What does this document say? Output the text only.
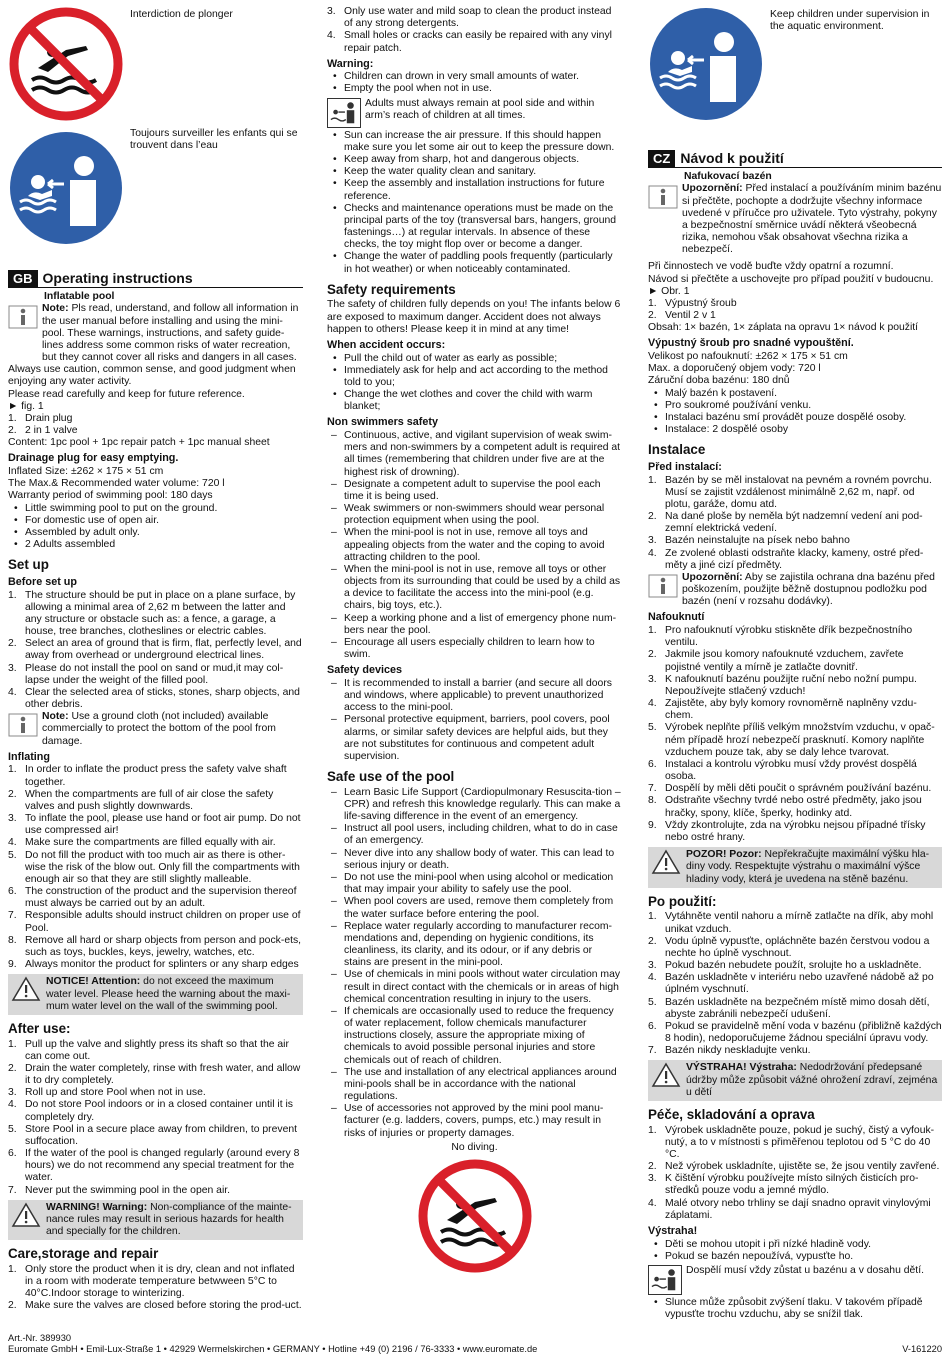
Interdiction de plonger

Toujours surveiller les enfants qui se trouvent dans l’eau

GB Operating instructions

Inflatable pool

Note: Pls read, understand, and follow all information in the user manual before installing and using the mini-pool. These warnings, instructions, and safety guide-lines address some common risks of water recreation, but they cannot cover all risks and dangers in all cases.

Always use caution, common sense, and good judgment when enjoying any water activity.

Please read carefully and keep for future reference.

► fig. 1

1. Drain plug
2. 2 in 1 valve

Content: 1pc pool + 1pc repair patch + 1pc manual sheet

Drainage plug for easy emptying.

Inflated Size: ±262 × 175 × 51 cm

The Max.& Recommended water volume: 720 l

Warranty period of swimming pool: 180 days

• Little swimming pool to put on the ground.
• For domestic use of open air.
• Assembled by adult only.
• 2 Adults assembled

Set up

Before set up

1. The structure should be put in place on a plane surface, by allowing a minimal area of 2,62 m between the latter and any structure or obstacle such as: a fence, a garage, a house, tree branches, clotheslines or electric cables.
2. Select an area of ground that is firm, flat, perfectly level, and away from overhead or underground electrical lines.
3. Please do not install the pool on sand or mud,it may col-lapse under the weight of the filled pool.
4. Clear the selected area of sticks, stones, sharp objects, and other debris.

Note: Use a ground cloth (not included) available commercially to protect the bottom of the pool from damage.

Inflating

1. In order to inflate the product press the safety valve shaft together.
2. When the compartments are full of air close the safety valves and push slightly downwards.
3. To inflate the pool, please use hand or foot air pump. Do not use compressed air!
4. Make sure the compartments are filled equally with air.
5. Do not fill the product with too much air as there is other-wise the risk of the blow out. Only fill the compartments with enough air so that they are still slightly malleable.
6. The construction of the product and the supervision thereof must always be carried out by an adult.
7. Responsible adults should instruct children on proper use of Pool.
8. Remove all hard or sharp objects from person and pock-ets, such as toys, buckles, keys, jewelry, watches, etc.
9. Always monitor the product for splinters or any sharp edges

NOTICE! Attention: do not exceed the maximum water level. Please heed the warning about the maxi-mum water level on the wall of the swimming pool.

After use:

1. Pull up the valve and slightly press its shaft so that the air can come out.
2. Drain the water completely, rinse with fresh water, and allow it to dry completely.
3. Roll up and store Pool when not in use.
4. Do not store Pool indoors or in a closed container until it is completely dry.
5. Store Pool in a secure place away from children, to prevent suffocation.
6. If the water of the pool is changed regularly (around every 8 hours) we do not recommend any special treatment for the water.
7. Never put the swimming pool in the open air.

WARNING! Warning: Non-compliance of the mainte-nance rules may result in serious hazards for health and specially for the children.

Care,storage and repair

1. Only store the product when it is dry, clean and not inflated in a room with moderate temperature betwween 5°C to 40°C.Indoor storage to winterizing.
2. Make sure the valves are closed before storing the prod-uct.
3. Only use water and mild soap to clean the product instead of any strong detergents.
4. Small holes or cracks can easily be repaired with any vinyl repair patch.

Warning:

• Children can drown in very small amounts of water.
• Empty the pool when not in use.

Adults must always remain at pool side and within arm’s reach of children at all times.

• Sun can increase the air pressure. If this should happen make sure you let some air out to keep the pressure down.
• Keep away from sharp, hot and dangerous objects.
• Keep the water quality clean and sanitary.
• Keep the assembly and installation instructions for future reference.
• Checks and maintenance operations must be made on the principal parts of the toy (transversal bars, hangers, ground fastenings…) at regular intervals. In absence of these checks, the toy might flop over or become a danger.
• Change the water of paddling pools frequently (particularly in hot weather) or when noticeably contaminated.

Safety requirements

The safety of children fully depends on you! The infants below 6 are exposed to maximum danger. Accident does not always happen to others! Please keep it in mind at any time!

When accident occurs:

• Pull the child out of water as early as possible;
• Immediately ask for help and act according to the method told to you;
• Change the wet clothes and cover the child with warm blanket;

Non swimmers safety

– Continuous, active, and vigilant supervision of weak swim-mers and non-swimmers by a competent adult is required at all times (remembering that children under five are at the highest risk of drowning).
– Designate a competent adult to supervise the pool each time it is being used.
– Weak swimmers or non-swimmers should wear personal protection equipment when using the pool.
– When the mini-pool is not in use, remove all toys and appealing objects from the water and the coping to avoid attracting children to the pool.
– When the mini-pool is not in use, remove all toys or other objects from its surrounding that could be used by a child as a device to facilitate the access into the mini-pool (e.g. chairs, big toys, etc.).
– Keep a working phone and a list of emergency phone num-bers near the pool.
– Encourage all users especially children to learn how to swim.

Safety devices

– It is recommended to install a barrier (and secure all doors and windows, where applicable) to prevent unauthorized access to the mini-pool.
– Personal protective equipment, barriers, pool covers, pool alarms, or similar safety devices are helpful aids, but they are not substitutes for continuous and competent adult supervision.

Safe use of the pool

– Learn Basic Life Support (Cardiopulmonary Resuscita-tion – CPR) and refresh this knowledge regularly. This can make a life-saving difference in the event of an emergency.
– Instruct all pool users, including children, what to do in case of an emergency.
– Never dive into any shallow body of water. This can lead to serious injury or death.
– Do not use the mini-pool when using alcohol or medication that may impair your ability to safely use the pool.
– When pool covers are used, remove them completely from the water surface before entering the pool.
– Replace water regularly according to manufacturer recom-mendations and, depending on hygienic conditions, its cleanliness, its clarity, and its odour, or if any debris or stains are present in the mini-pool.
– Use of chemicals in mini pools without water circulation may result in direct contact with the chemicals or in areas of high chemical concentration resulting in injury to the users.
– If chemicals are occasionally used to reduce the frequency of water replacement, follow chemicals manufacturer instructions closely, assure the appropriate mixing of chemicals to avoid possible personal injuries and store chemicals out of reach of children.
– The use and installation of any electrical appliances around mini-pools shall be in accordance with the national regulations.
– Use of accessories not approved by the mini pool manu-facturer (e.g. ladders, covers, pumps, etc.) may result in risks of injuries or property damages.

No diving.

Keep children under supervision in the aquatic environment.

CZ Návod k použití

Nafukovací bazén

Upozornění: Před instalací a používáním minim bazénu si přečtěte, pochopte a dodržujte všechny informace uvedené v příručce pro uživatele. Tyto výstrahy, pokyny a bezpečnostní směrnice uvádí některá všeobecná rizika, nemohou však obsahovat všechna rizika a nebezpečí.

Při činnostech ve vodě buďte vždy opatrní a rozumní.

Návod si přečtěte a uschovejte pro případ použití v budoucnu.

► Obr. 1

1. Výpustný šroub
2. Ventil 2 v 1

Obsah: 1× bazén, 1× záplata na opravu 1× návod k použití

Výpustný šroub pro snadné vypouštění.

Velikost po nafouknutí: ±262 × 175 × 51 cm

Max. a doporučený objem vody: 720 l

Záruční doba bazénu: 180 dnů

• Malý bazén k postavení.
• Pro soukromé používání venku.
• Instalaci bazénu smí provádět pouze dospělé osoby.
• Instalace: 2 dospělé osoby

Instalace

Před instalací:

1. Bazén by se měl instalovat na pevném a rovném povrchu. Musí se zajistit vzdálenost minimálně 2,62 m, např. od plotu, garáže, domu atd.
2. Na dané ploše by neměla být nadzemní vedení ani pod-zemní elektrická vedení.
3. Bazén neinstalujte na písek nebo bahno
4. Ze zvolené oblasti odstraňte klacky, kameny, ostré před-měty a jiné cizí předměty.

Upozornění: Aby se zajistila ochrana dna bazénu před poškozením, použijte běžně dostupnou podložku pod bazén (není v rozsahu dodávky).

Nafouknutí

1. Pro nafouknutí výrobku stiskněte dřík bezpečnostního ventilu.
2. Jakmile jsou komory nafouknuté vzduchem, zavřete pojistné ventily a mírně je zatlačte dovnitř.
3. K nafouknutí bazénu použijte ruční nebo nožní pumpu. Nepoužívejte stlačený vzduch!
4. Zajistěte, aby byly komory rovnoměrně naplněny vzdu-chem.
5. Výrobek neplňte příliš velkým množstvím vzduchu, v opač-ném případě hrozí nebezpečí prasknutí. Komory naplňte vzduchem pouze tak, aby se daly lehce tvarovat.
6. Instalaci a kontrolu výrobku musí vždy provést dospělá osoba.
7. Dospělí by měli děti poučit o správném používání bazénu.
8. Odstraňte všechny tvrdé nebo ostré předměty, jako jsou hračky, spony, klíče, šperky, hodinky atd.
9. Vždy zkontrolujte, zda na výrobku nejsou případné třísky nebo ostré hrany.

POZOR! Pozor: Nepřekračujte maximální výšku hla-diny vody. Respektujte výstrahu o maximální výšce hladiny vody, která je uvedena na stěně bazénu.

Po použití:

1. Vytáhněte ventil nahoru a mírně zatlačte na dřík, aby mohl unikat vzduch.
2. Vodu úplně vypusťte, opláchněte bazén čerstvou vodou a nechte ho úplně vyschnout.
3. Pokud bazén nebudete použít, srolujte ho a uskladněte.
4. Bazén uskladněte v interiéru nebo uzavřené nádobě až po úplném vyschnutí.
5. Bazén uskladněte na bezpečném místě mimo dosah dětí, abyste zabránili nebezpečí udušení.
6. Pokud se pravidelně mění voda v bazénu (přibližně každých 8 hodin), nedoporučujeme žádnou speciální úpravu vody.
7. Bazén nikdy neskladujte venku.

VÝSTRAHA! Výstraha: Nedodržování předepsané údržby může způsobit vážné ohrožení zdraví, zejména u dětí

Péče, skladování a oprava

1. Výrobek uskladněte pouze, pokud je suchý, čistý a vyfouk-nutý, a to v místnosti s přiměřenou teplotou od 5 °C do 40 °C.
2. Než výrobek uskladníte, ujistěte se, že jsou ventily zavřené.
3. K čištění výrobku používejte místo silných čisticích pro-středků pouze vodu a jemné mýdlo.
4. Malé otvory nebo trhliny se dají snadno opravit vinylovými záplatami.

Výstraha!

• Děti se mohou utopit i při nízké hladině vody.
• Pokud se bazén nepoužívá, vypusťte ho.

Dospělí musí vždy zůstat u bazénu a v dosahu dětí.

• Slunce může způsobit zvýšení tlaku. V takovém případě vypusťte trochu vzduchu, aby se snížil tlak.

Art.-Nr. 389930

Euromate GmbH • Emil-Lux-Straße 1 • 42929 Wermelskirchen • GERMANY • Hotline +49 (0) 2196 / 76-3333 • www.euromate.de	V-161220
